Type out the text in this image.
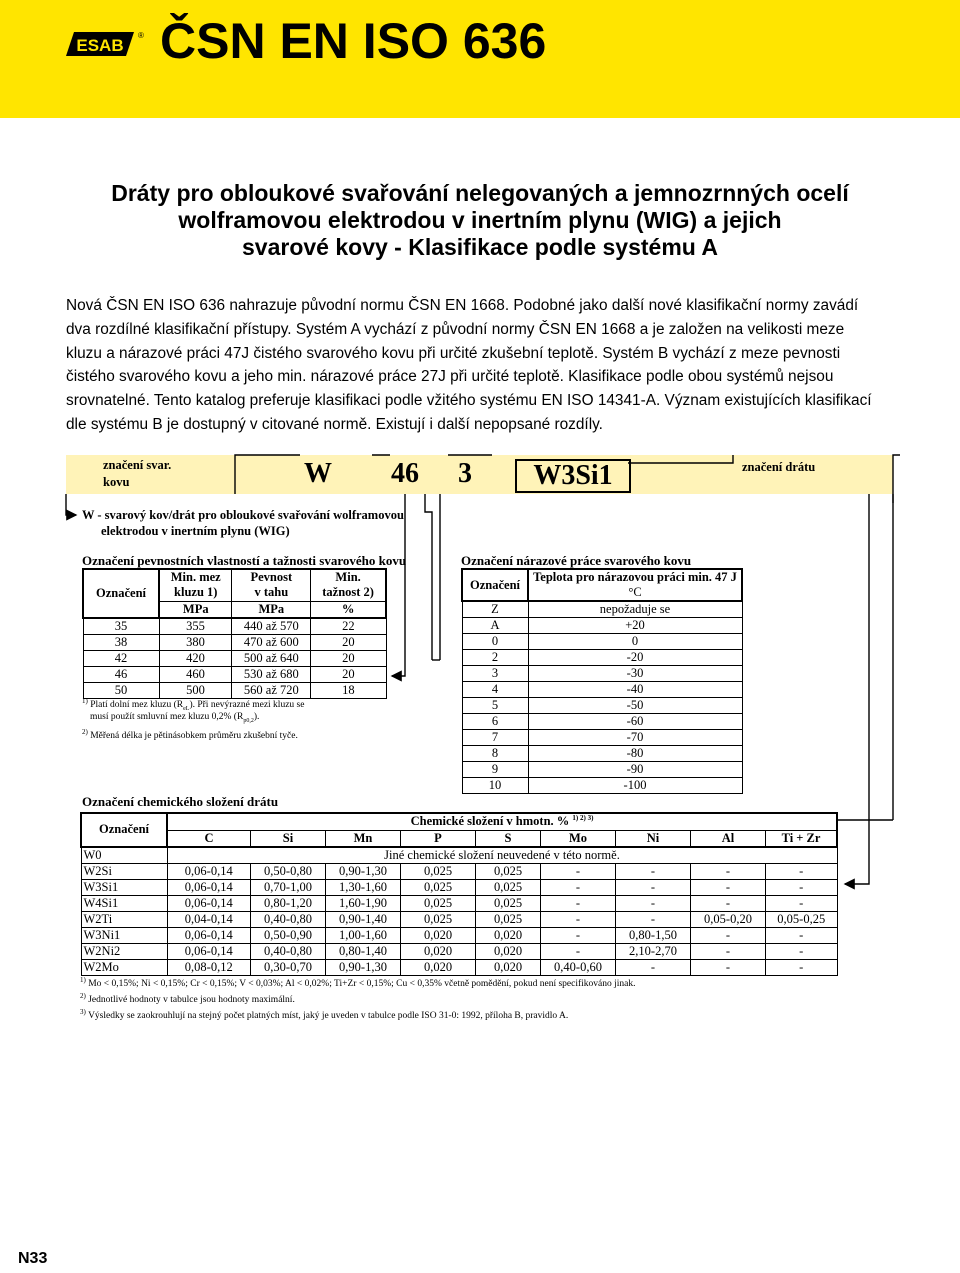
ESAB
® ČSN EN ISO 636
Dráty pro obloukové svařování nelegovaných a jemnozrnných ocelí
wolframovou elektrodou v inertním plynu (WIG) a jejich
svarové kovy - Klasifikace podle systému A

Nová ČSN EN ISO 636 nahrazuje původní normu ČSN EN 1668. Podobné jako další nové klasifikační normy zavádí
dva rozdílné klasifikační přístupy. Systém A vychází z původní normy ČSN EN 1668 a je založen na velikosti meze
kluzu a nárazové práci 47J čistého svarového kovu při určité zkušební teplotě. Systém B vychází z meze pevnosti
čistého svarového kovu a jeho min. nárazové práce 27J při určité teplotě. Klasifikace podle obou systémů nejsou
srovnatelné. Tento katalog preferuje klasifikaci podle vžitého systému EN ISO 14341-A. Význam existujících klasifikací
dle systému B je dostupný v citované normě. Existují i další nepopsané rozdíly.

značení svar.
kovu	W 46 3	W3Si1	značení drátu
W - svarový kov/drát pro obloukové svařování wolframovou
elektrodou v inertním plynu (WIG)
Označení pevnostních vlastností a tažnosti svarového kovu
Označení	Min. mez	Pevnost	Min.
	kluzu 1)	v tahu	tažnost 2)
	MPa	MPa	%
35	355	440 až 570	22
38	380	470 až 600	20
42	420	500 až 640	20
46	460	530 až 680	20
50	500	560 až 720	18
$^{1)}$ Platí dolní mez kluzu $(R_{eL})$. Při nevýrazné mezi kluzu se
musí použít smluvní mez kluzu 0,2% $(R_{p0,2})$.
$^{2)}$ Měřená délka je pětinásobkem průměru zkušební tyče.
Označení nárazové práce svarového kovu
Označení	Teplota pro nárazovou práci min. 47 J
	°C
Z	nepožaduje se
A	+20
0	0
2	-20
3	-30
4	-40
5	-50
6	-60
7	-70
8	-80
9	-90
10	-100
Označení chemického složení drátu
Označení	Chemické složení v hmotn. % $^{1) 2) 3)}$
	C	Si	Mn	P	S	Mo	Ni	Al	Ti + Zr
W0	Jiné chemické složení neuvedené v této normě.								
W2Si	0,06-0,14	0,50-0,80	0,90-1,30	0,025	0,025	-	-	-	-
W3Si1	0,06-0,14	0,70-1,00	1,30-1,60	0,025	0,025	-	-	-	-
W4Si1	0,06-0,14	0,80-1,20	1,60-1,90	0,025	0,025	-	-	-	-
W2Ti	0,04-0,14	0,40-0,80	0,90-1,40	0,025	0,025	-	-	0,05-0,20	0,05-0,25
W3Ni1	0,06-0,14	0,50-0,90	1,00-1,60	0,020	0,020	-	0,80-1,50	-	-
W2Ni2	0,06-0,14	0,40-0,80	0,80-1,40	0,020	0,020	-	2,10-2,70	-	-
W2Mo	0,08-0,12	0,30-0,70	0,90-1,30	0,020	0,020	0,40-0,60	-	-	-
$^{1)}$ Mo < 0,15%; Ni < 0,15%; Cr < 0,15%; V < 0,03%; Al < 0,02%; Ti+Zr < 0,15%; Cu < 0,35% včetně pomědění, pokud není specifikováno jinak.
$^{2)}$ Jednotlivé hodnoty v tabulce jsou hodnoty maximální.
$^{3)}$ Výsledky se zaokrouhlují na stejný počet platných míst, jaký je uveden v tabulce podle ISO 31-0: 1992, příloha B, pravidlo A.
N33
